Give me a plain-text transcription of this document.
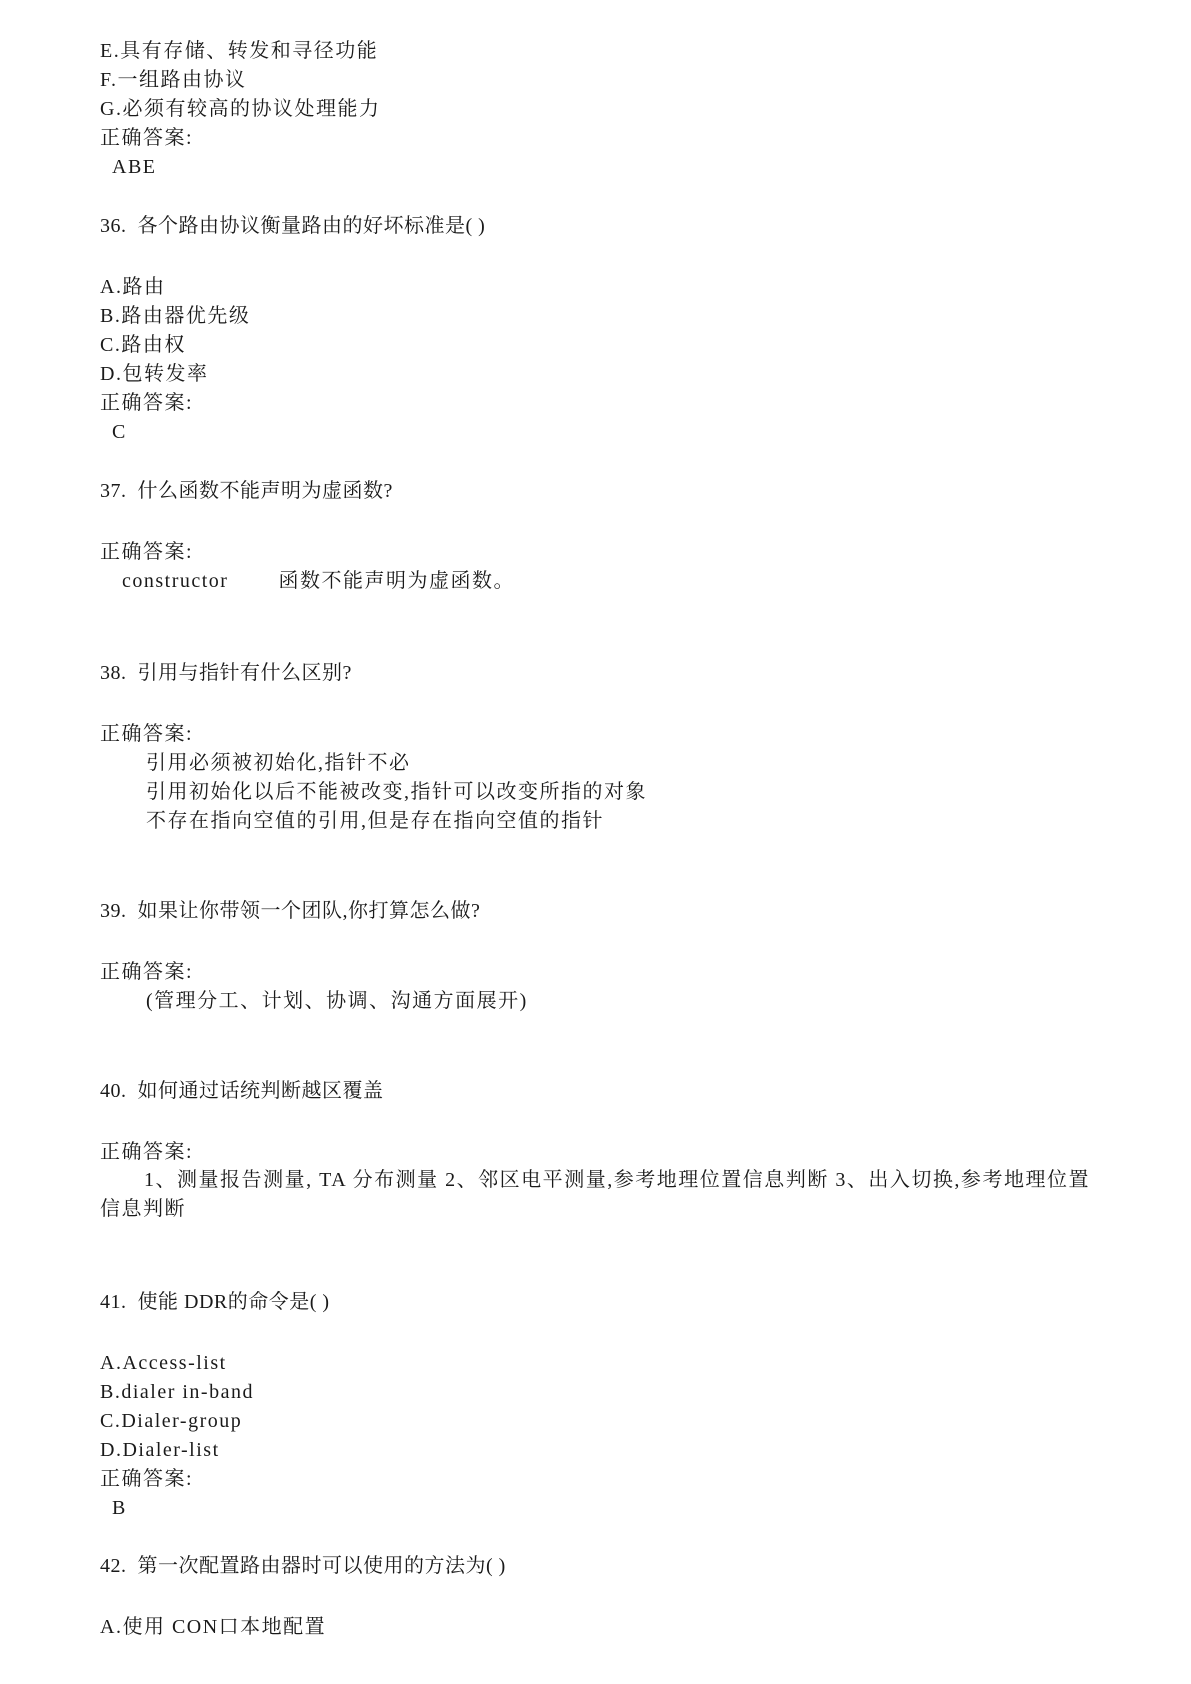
E.具有存储、转发和寻径功能
F.一组路由协议
G.必须有较高的协议处理能力
正确答案:
ABE
36.  各个路由协议衡量路由的好坏标准是( )
A.路由
B.路由器优先级
C.路由权
D.包转发率
正确答案:
C
37.  什么函数不能声明为虚函数?
正确答案:
constructor	函数不能声明为虚函数。
38.  引用与指针有什么区别?
正确答案:
引用必须被初始化,指针不必
引用初始化以后不能被改变,指针可以改变所指的对象
不存在指向空值的引用,但是存在指向空值的指针
39.  如果让你带领一个团队,你打算怎么做?
正确答案:
(管理分工、计划、协调、沟通方面展开)
40.  如何通过话统判断越区覆盖
正确答案:
1、测量报告测量, TA 分布测量 2、邻区电平测量,参考地理位置信息判断 3、出入切换,参考地理位置信息判断
41.  使能 DDR的命令是( )
A.Access-list
B.dialer in-band
C.Dialer-group
D.Dialer-list
正确答案:
B
42.  第一次配置路由器时可以使用的方法为( )
A.使用 CON口本地配置
